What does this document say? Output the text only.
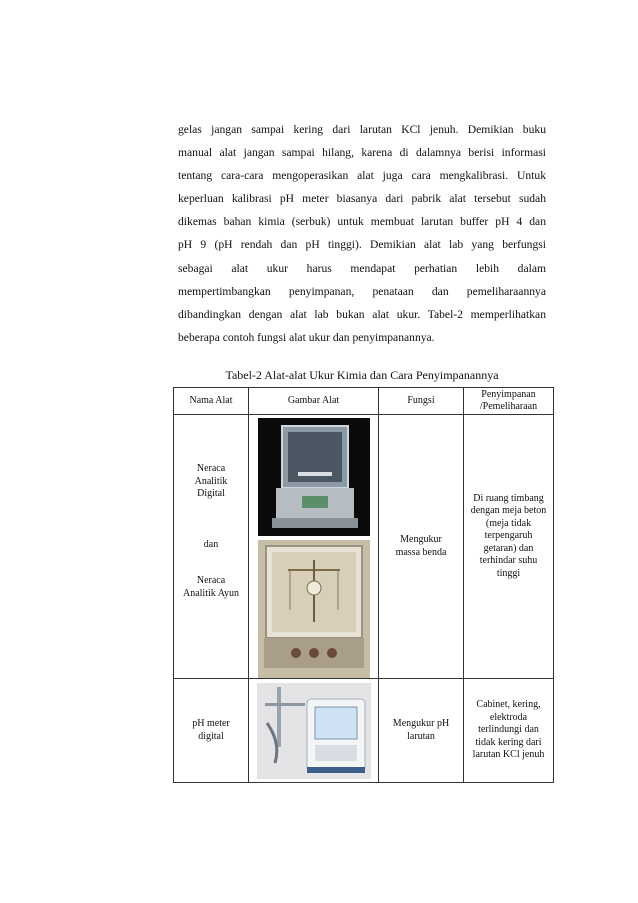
gelas jangan sampai kering dari larutan KCl jenuh. Demikian buku
manual alat jangan sampai hilang, karena di dalamnya berisi informasi
tentang cara-cara mengoperasikan alat juga cara mengkalibrasi. Untuk
keperluan kalibrasi pH meter biasanya dari pabrik alat tersebut sudah
dikemas bahan kimia (serbuk) untuk membuat larutan buffer pH 4 dan
pH 9 (pH rendah dan pH tinggi). Demikian alat lab yang berfungsi
sebagai alat ukur harus mendapat perhatian lebih dalam
mempertimbangkan penyimpanan, penataan dan pemeliharaannya
dibandingkan dengan alat lab bukan alat ukur. Tabel-2 memperlihatkan
beberapa contoh fungsi alat ukur dan penyimpanannya.
Tabel-2 Alat-alat Ukur Kimia dan Cara Penyimpanannya
Nama Alat	Gambar Alat	Fungsi	Penyimpanan /Pemeliharaan

Neraca Analitik Digital
dan
Neraca Analitik Ayun		Mengukur massa benda	Di ruang timbang dengan meja beton (meja tidak terpengaruh getaran) dan terhindar suhu tinggi

pH meter digital		Mengukur pH larutan	Cabinet, kering, elektroda terlindungi dan tidak kering dari larutan KCl jenuh
